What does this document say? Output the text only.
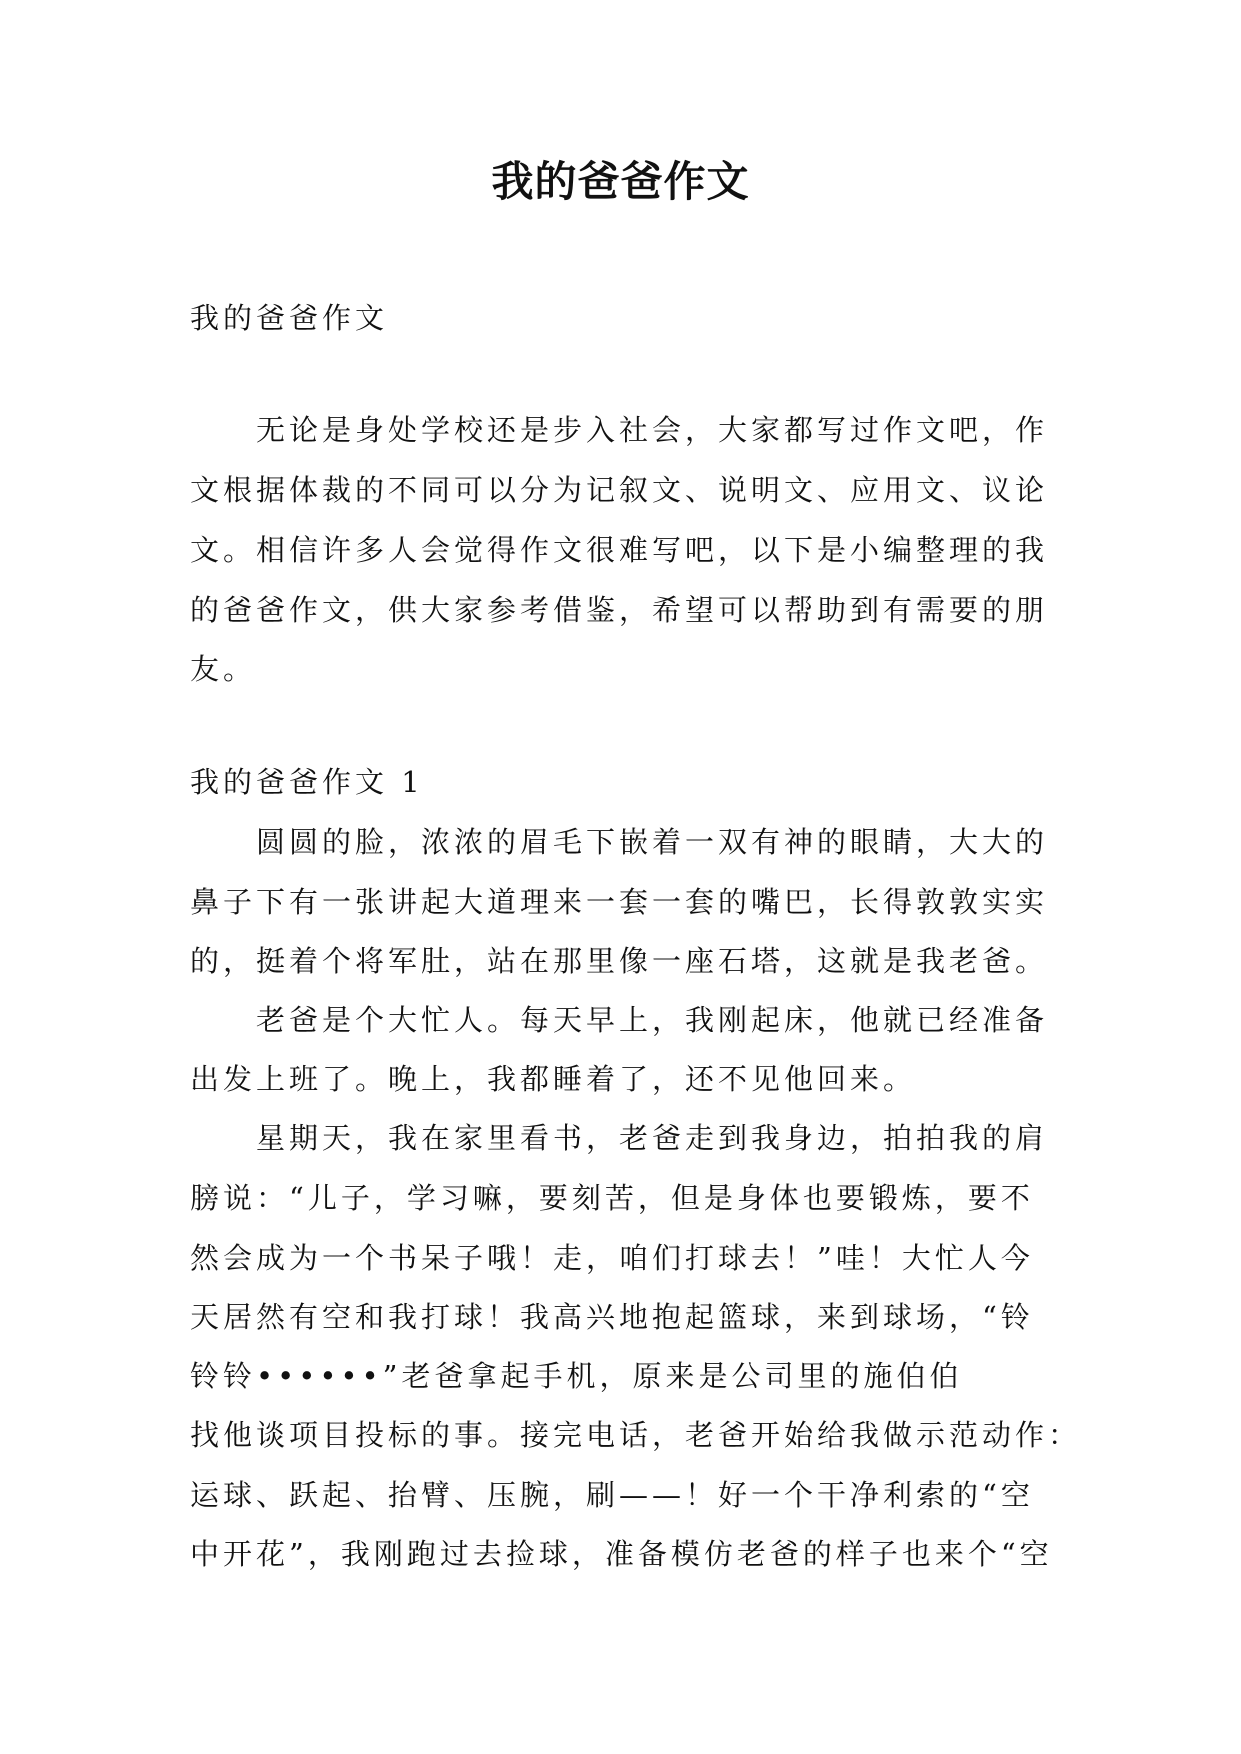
我的爸爸作文
我的爸爸作文
无论是身处学校还是步入社会，大家都写过作文吧，作
文根据体裁的不同可以分为记叙文、说明文、应用文、议论
文。相信许多人会觉得作文很难写吧，以下是小编整理的我
的爸爸作文，供大家参考借鉴，希望可以帮助到有需要的朋
友。
我的爸爸作文 1
圆圆的脸，浓浓的眉毛下嵌着一双有神的眼睛，大大的
鼻子下有一张讲起大道理来一套一套的嘴巴，长得敦敦实实
的，挺着个将军肚，站在那里像一座石塔，这就是我老爸。
老爸是个大忙人。每天早上，我刚起床，他就已经准备
出发上班了。晚上，我都睡着了，还不见他回来。
星期天，我在家里看书，老爸走到我身边，拍拍我的肩
膀说：“儿子，学习嘛，要刻苦，但是身体也要锻炼，要不
然会成为一个书呆子哦！走，咱们打球去！”哇！大忙人今
天居然有空和我打球！我高兴地抱起篮球，来到球场，“铃
铃铃••••••”老爸拿起手机，原来是公司里的施伯伯
找他谈项目投标的事。接完电话，老爸开始给我做示范动作：
运球、跃起、抬臂、压腕，刷——！好一个干净利索的“空
中开花”，我刚跑过去捡球，准备模仿老爸的样子也来个“空
